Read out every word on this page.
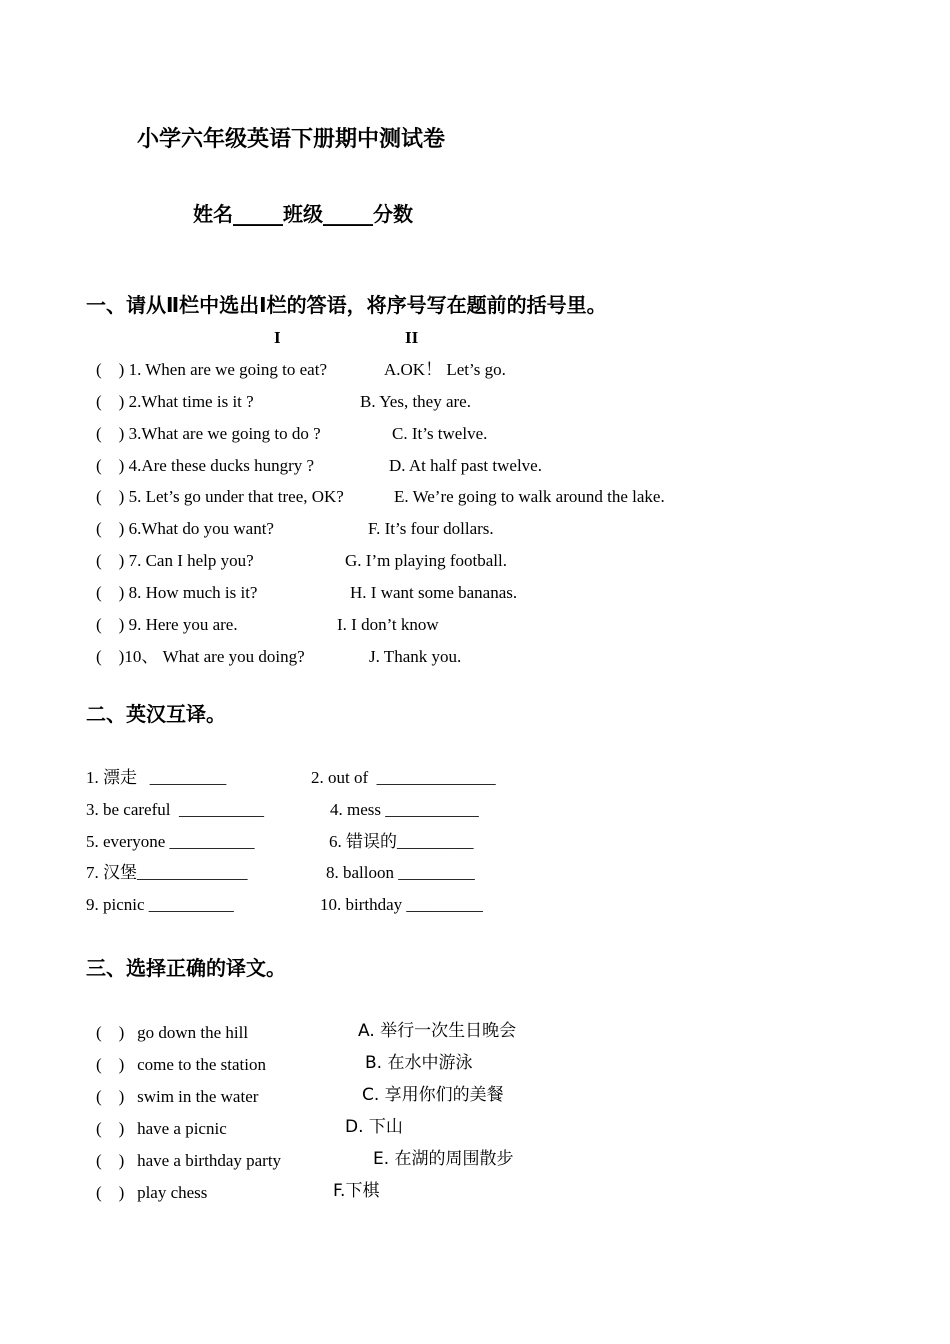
小学六年级英语下册期中测试卷
姓名_____班级_____分数
一、请从Ⅱ栏中选出Ⅰ栏的答语，将序号写在题前的括号里。
I	II
(    ) 1. When are we going to eat?	A.OK！ Let’s go.
(    ) 2.What time is it ?	B. Yes, they are.
(    ) 3.What are we going to do ?	C. It’s twelve.
(    ) 4.Are these ducks hungry ?	D. At half past twelve.
(    ) 5. Let’s go under that tree, OK?	E. We’re going to walk around the lake.
(    ) 6.What do you want?	F. It’s four dollars.
(    ) 7. Can I help you?	G. I’m playing football.
(    ) 8. How much is it?	H. I want some bananas.
(    ) 9. Here you are.	I. I don’t know
(    )10、 What are you doing?	J. Thank you.
二、英汉互译。
1. 漂走   _________	2. out of  ______________
3. be careful  __________	4. mess ___________
5. everyone __________	6. 错误的_________
7. 汉堡_____________	8. balloon _________
9. picnic __________	10. birthday _________
三、选择正确的译文。
(    )   go down the hill	A. 举行一次生日晚会
(    )   come to the station	B. 在水中游泳
(    )   swim in the water	C. 享用你们的美餐
(    )   have a picnic	D. 下山
(    )   have a birthday party	E. 在湖的周围散步
(    )   play chess	F.下棋
